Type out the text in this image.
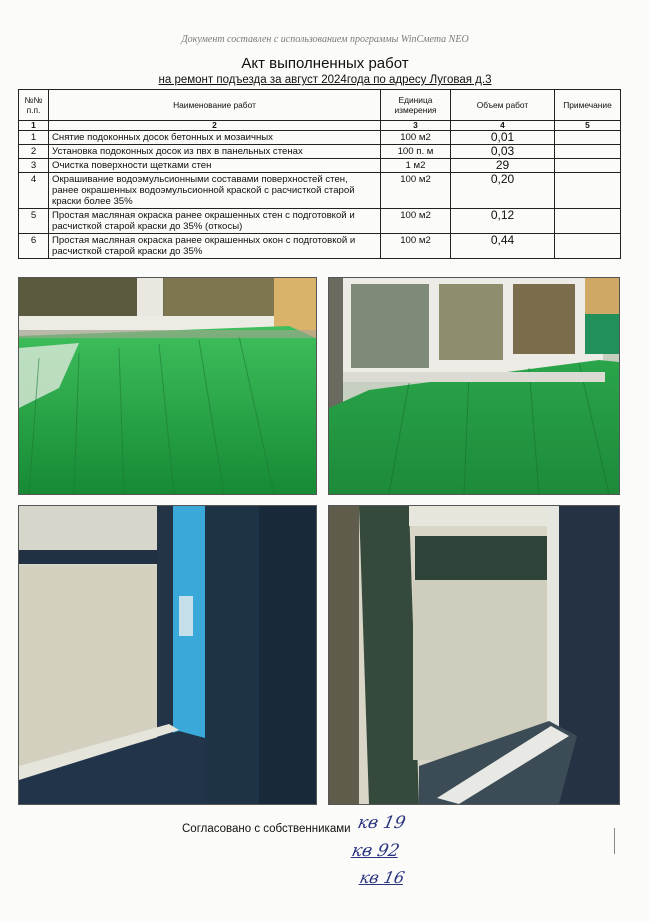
Документ составлен с использованием программы WinСмета NEO
Акт выполненных работ
на ремонт подъезда за август 2024года по адресу Луговая д.3
№№ п.п.	Наименование работ	Единица измерения	Объем работ	Примечание
1	2	3	4	5
1	Снятие подоконных досок бетонных и мозаичных	100 м2	0,01	
2	Установка подоконных досок из пвх в панельных стенах	100 п. м	0,03	
3	Очистка поверхности щетками стен	1 м2	29	
4	Окрашивание водоэмульсионными составами поверхностей стен, ранее окрашенных водоэмульсионной краской с расчисткой старой краски более 35%	100 м2	0,20	
5	Простая масляная окраска ранее окрашенных стен с подготовкой и расчисткой старой краски до 35% (откосы)	100 м2	0,12	
6	Простая масляная окраска ранее окрашенных окон с подготовкой и расчисткой старой краски до 35%	100 м2	0,44	
Согласовано с собственниками кв 19
кв 92
кв 16
